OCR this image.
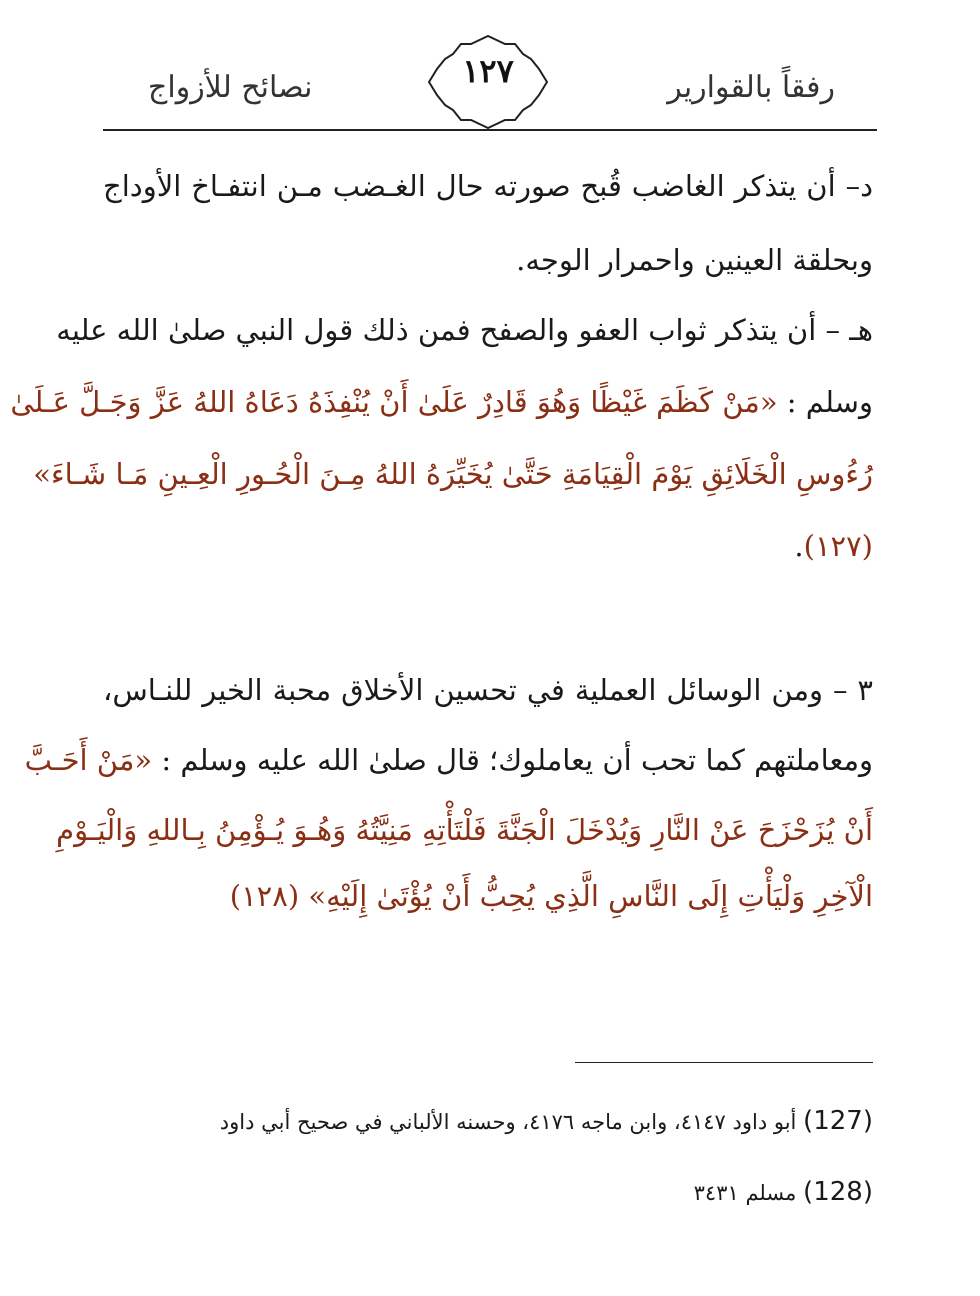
نصائح للأزواج	رفقاً بالقوارير
١٢٧
د– أن يتذكر الغاضب قُبح صورته حال الغـضب مـن انتفـاخ الأوداج
وبحلقة العينين واحمرار الوجه.
هـ – أن يتذكر ثواب العفو والصفح فمن ذلك قول النبي صلىٰ الله عليه
وسلم : «مَنْ كَظَمَ غَيْظًا وَهُوَ قَادِرٌ عَلَىٰ أَنْ يُنْفِذَهُ دَعَاهُ اللهُ عَزَّ وَجَـلَّ عَـلَىٰ
رُءُوسِ الْخَلَائِقِ يَوْمَ الْقِيَامَةِ حَتَّىٰ يُخَيِّرَهُ اللهُ مِـنَ الْحُـورِ الْعِـينِ مَـا شَـاءَ»
(١٢٧).
٣ – ومن الوسائل العملية في تحسين الأخلاق محبة الخير للنـاس،
ومعاملتهم كما تحب أن يعاملوك؛ قال صلىٰ الله عليه وسلم : «مَنْ أَحَـبَّ
أَنْ يُزَحْزَحَ عَنْ النَّارِ وَيُدْخَلَ الْجَنَّةَ فَلْتَأْتِهِ مَنِيَّتُهُ وَهُـوَ يُـؤْمِنُ بِـاللهِ وَالْيَـوْمِ
الْآخِرِ وَلْيَأْتِ إِلَى النَّاسِ الَّذِي يُحِبُّ أَنْ يُؤْتَىٰ إِلَيْهِ» (١٢٨)
(127) أبو داود ٤١٤٧، وابن ماجه ٤١٧٦، وحسنه الألباني في صحيح أبي داود
(128) مسلم ٣٤٣١
